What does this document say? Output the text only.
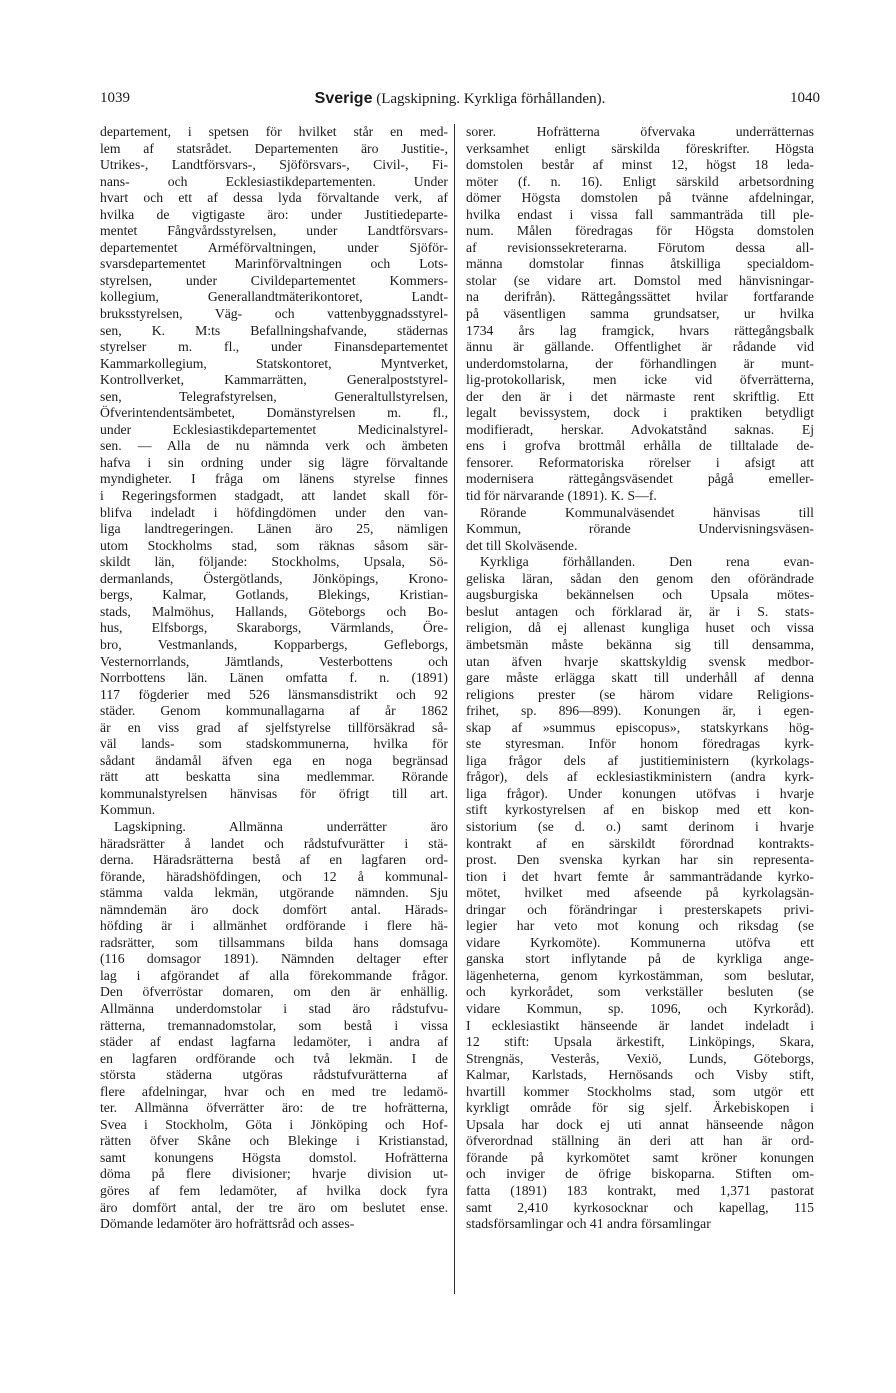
1039	Sverige (Lagskipning. Kyrkliga förhållanden).	1040
departement, i spetsen för hvilket står en med-
lem af statsrådet. Departementen äro Justitie-,
Utrikes-, Landtförsvars-, Sjöförsvars-, Civil-, Fi-
nans- och Ecklesiastikdepartementen. Under
hvart och ett af dessa lyda förvaltande verk, af
hvilka de vigtigaste äro: under Justitiedeparte-
mentet Fångvårdsstyrelsen, under Landtförsvars-
departementet Arméförvaltningen, under Sjöför-
svarsdepartementet Marinförvaltningen och Lots-
styrelsen, under Civildepartementet Kommers-
kollegium, Generallandtmäterikontoret, Landt-
bruksstyrelsen, Väg- och vattenbyggnadsstyrel-
sen, K. M:ts Befallningshafvande, städernas
styrelser m. fl., under Finansdepartementet
Kammarkollegium, Statskontoret, Myntverket,
Kontrollverket, Kammarrätten, Generalpoststyrel-
sen, Telegrafstyrelsen, Generaltullstyrelsen,
Öfverintendentsämbetet, Domänstyrelsen m. fl.,
under Ecklesiastikdepartementet Medicinalstyrel-
sen. — Alla de nu nämnda verk och ämbeten
hafva i sin ordning under sig lägre förvaltande
myndigheter. I fråga om länens styrelse finnes
i Regeringsformen stadgadt, att landet skall för-
blifva indeladt i höfdingdömen under den van-
liga landtregeringen. Länen äro 25, nämligen
utom Stockholms stad, som räknas såsom sär-
skildt län, följande: Stockholms, Upsala, Sö-
dermanlands, Östergötlands, Jönköpings, Krono-
bergs, Kalmar, Gotlands, Blekings, Kristian-
stads, Malmöhus, Hallands, Göteborgs och Bo-
hus, Elfsborgs, Skaraborgs, Värmlands, Öre-
bro, Vestmanlands, Kopparbergs, Gefleborgs,
Vesternorrlands, Jämtlands, Vesterbottens och
Norrbottens län. Länen omfatta f. n. (1891)
117 fögderier med 526 länsmansdistrikt och 92
städer. Genom kommunallagarna af år 1862
är en viss grad af sjelfstyrelse tillförsäkrad så-
väl lands- som stadskommunerna, hvilka för
sådant ändamål äfven ega en noga begränsad
rätt att beskatta sina medlemmar. Rörande
kommunalstyrelsen hänvisas för öfrigt till art.
Kommun.
Lagskipning. Allmänna underrätter äro
häradsrätter å landet och rådstufvurätter i stä-
derna. Häradsrätterna bestå af en lagfaren ord-
förande, häradshöfdingen, och 12 å kommunal-
stämma valda lekmän, utgörande nämnden. Sju
nämndemän äro dock domfört antal. Härads-
höfding är i allmänhet ordförande i flere hä-
radsrätter, som tillsammans bilda hans domsaga
(116 domsagor 1891). Nämnden deltager efter
lag i afgörandet af alla förekommande frågor.
Den öfverröstar domaren, om den är enhällig.
Allmänna underdomstolar i stad äro rådstufvu-
rätterna, tremannadomstolar, som bestå i vissa
städer af endast lagfarna ledamöter, i andra af
en lagfaren ordförande och två lekmän. I de
största städerna utgöras rådstufvurätterna af
flere afdelningar, hvar och en med tre ledamö-
ter. Allmänna öfverrätter äro: de tre hofrätterna,
Svea i Stockholm, Göta i Jönköping och Hof-
rätten öfver Skåne och Blekinge i Kristianstad,
samt konungens Högsta domstol. Hofrätterna
döma på flere divisioner; hvarje division ut-
göres af fem ledamöter, af hvilka dock fyra
äro domfört antal, der tre äro om beslutet ense.
Dömande ledamöter äro hofrättsråd och asses-
sorer. Hofrätterna öfvervaka underrätternas
verksamhet enligt särskilda föreskrifter. Högsta
domstolen består af minst 12, högst 18 leda-
möter (f. n. 16). Enligt särskild arbetsordning
dömer Högsta domstolen på tvänne afdelningar,
hvilka endast i vissa fall sammanträda till ple-
num. Målen föredragas för Högsta domstolen
af revisionssekreterarna. Förutom dessa all-
männa domstolar finnas åtskilliga specialdom-
stolar (se vidare art. Domstol med hänvisningar-
na derifrån). Rättegångssättet hvilar fortfarande
på väsentligen samma grundsatser, ur hvilka
1734 års lag framgick, hvars rättegångsbalk
ännu är gällande. Offentlighet är rådande vid
underdomstolarna, der förhandlingen är munt-
lig-protokollarisk, men icke vid öfverrätterna,
der den är i det närmaste rent skriftlig. Ett
legalt bevissystem, dock i praktiken betydligt
modifieradt, herskar. Advokatstånd saknas. Ej
ens i grofva brottmål erhålla de tilltalade de-
fensorer. Reformatoriska rörelser i afsigt att
modernisera rättegångsväsendet pågå emeller-
tid för närvarande (1891). K. S—f.
Rörande Kommunalväsendet hänvisas till
Kommun, rörande Undervisningsväsen-
det till Skolväsende.
Kyrkliga förhållanden. Den rena evan-
geliska läran, sådan den genom den oförändrade
augsburgiska bekännelsen och Upsala mötes-
beslut antagen och förklarad är, är i S. stats-
religion, då ej allenast kungliga huset och vissa
ämbetsmän måste bekänna sig till densamma,
utan äfven hvarje skattskyldig svensk medbor-
gare måste erlägga skatt till underhåll af denna
religions prester (se härom vidare Religions-
frihet, sp. 896—899). Konungen är, i egen-
skap af »summus episcopus», statskyrkans hög-
ste styresman. Inför honom föredragas kyrk-
liga frågor dels af justitieministern (kyrkolags-
frågor), dels af ecklesiastikministern (andra kyrk-
liga frågor). Under konungen utöfvas i hvarje
stift kyrkostyrelsen af en biskop med ett kon-
sistorium (se d. o.) samt derinom i hvarje
kontrakt af en särskildt förordnad kontrakts-
prost. Den svenska kyrkan har sin representa-
tion i det hvart femte år sammanträdande kyrko-
mötet, hvilket med afseende på kyrkolagsän-
dringar och förändringar i presterskapets privi-
legier har veto mot konung och riksdag (se
vidare Kyrkomöte). Kommunerna utöfva ett
ganska stort inflytande på de kyrkliga ange-
lägenheterna, genom kyrkostämman, som beslutar,
och kyrkorådet, som verkställer besluten (se
vidare Kommun, sp. 1096, och Kyrkoråd).
I ecklesiastikt hänseende är landet indeladt i
12 stift: Upsala ärkestift, Linköpings, Skara,
Strengnäs, Vesterås, Vexiö, Lunds, Göteborgs,
Kalmar, Karlstads, Hernösands och Visby stift,
hvartill kommer Stockholms stad, som utgör ett
kyrkligt område för sig sjelf. Ärkebiskopen i
Upsala har dock ej uti annat hänseende någon
öfverordnad ställning än deri att han är ord-
förande på kyrkomötet samt kröner konungen
och inviger de öfrige biskoparna. Stiften om-
fatta (1891) 183 kontrakt, med 1,371 pastorat
samt 2,410 kyrkosocknar och kapellag, 115
stadsförsamlingar och 41 andra församlingar
